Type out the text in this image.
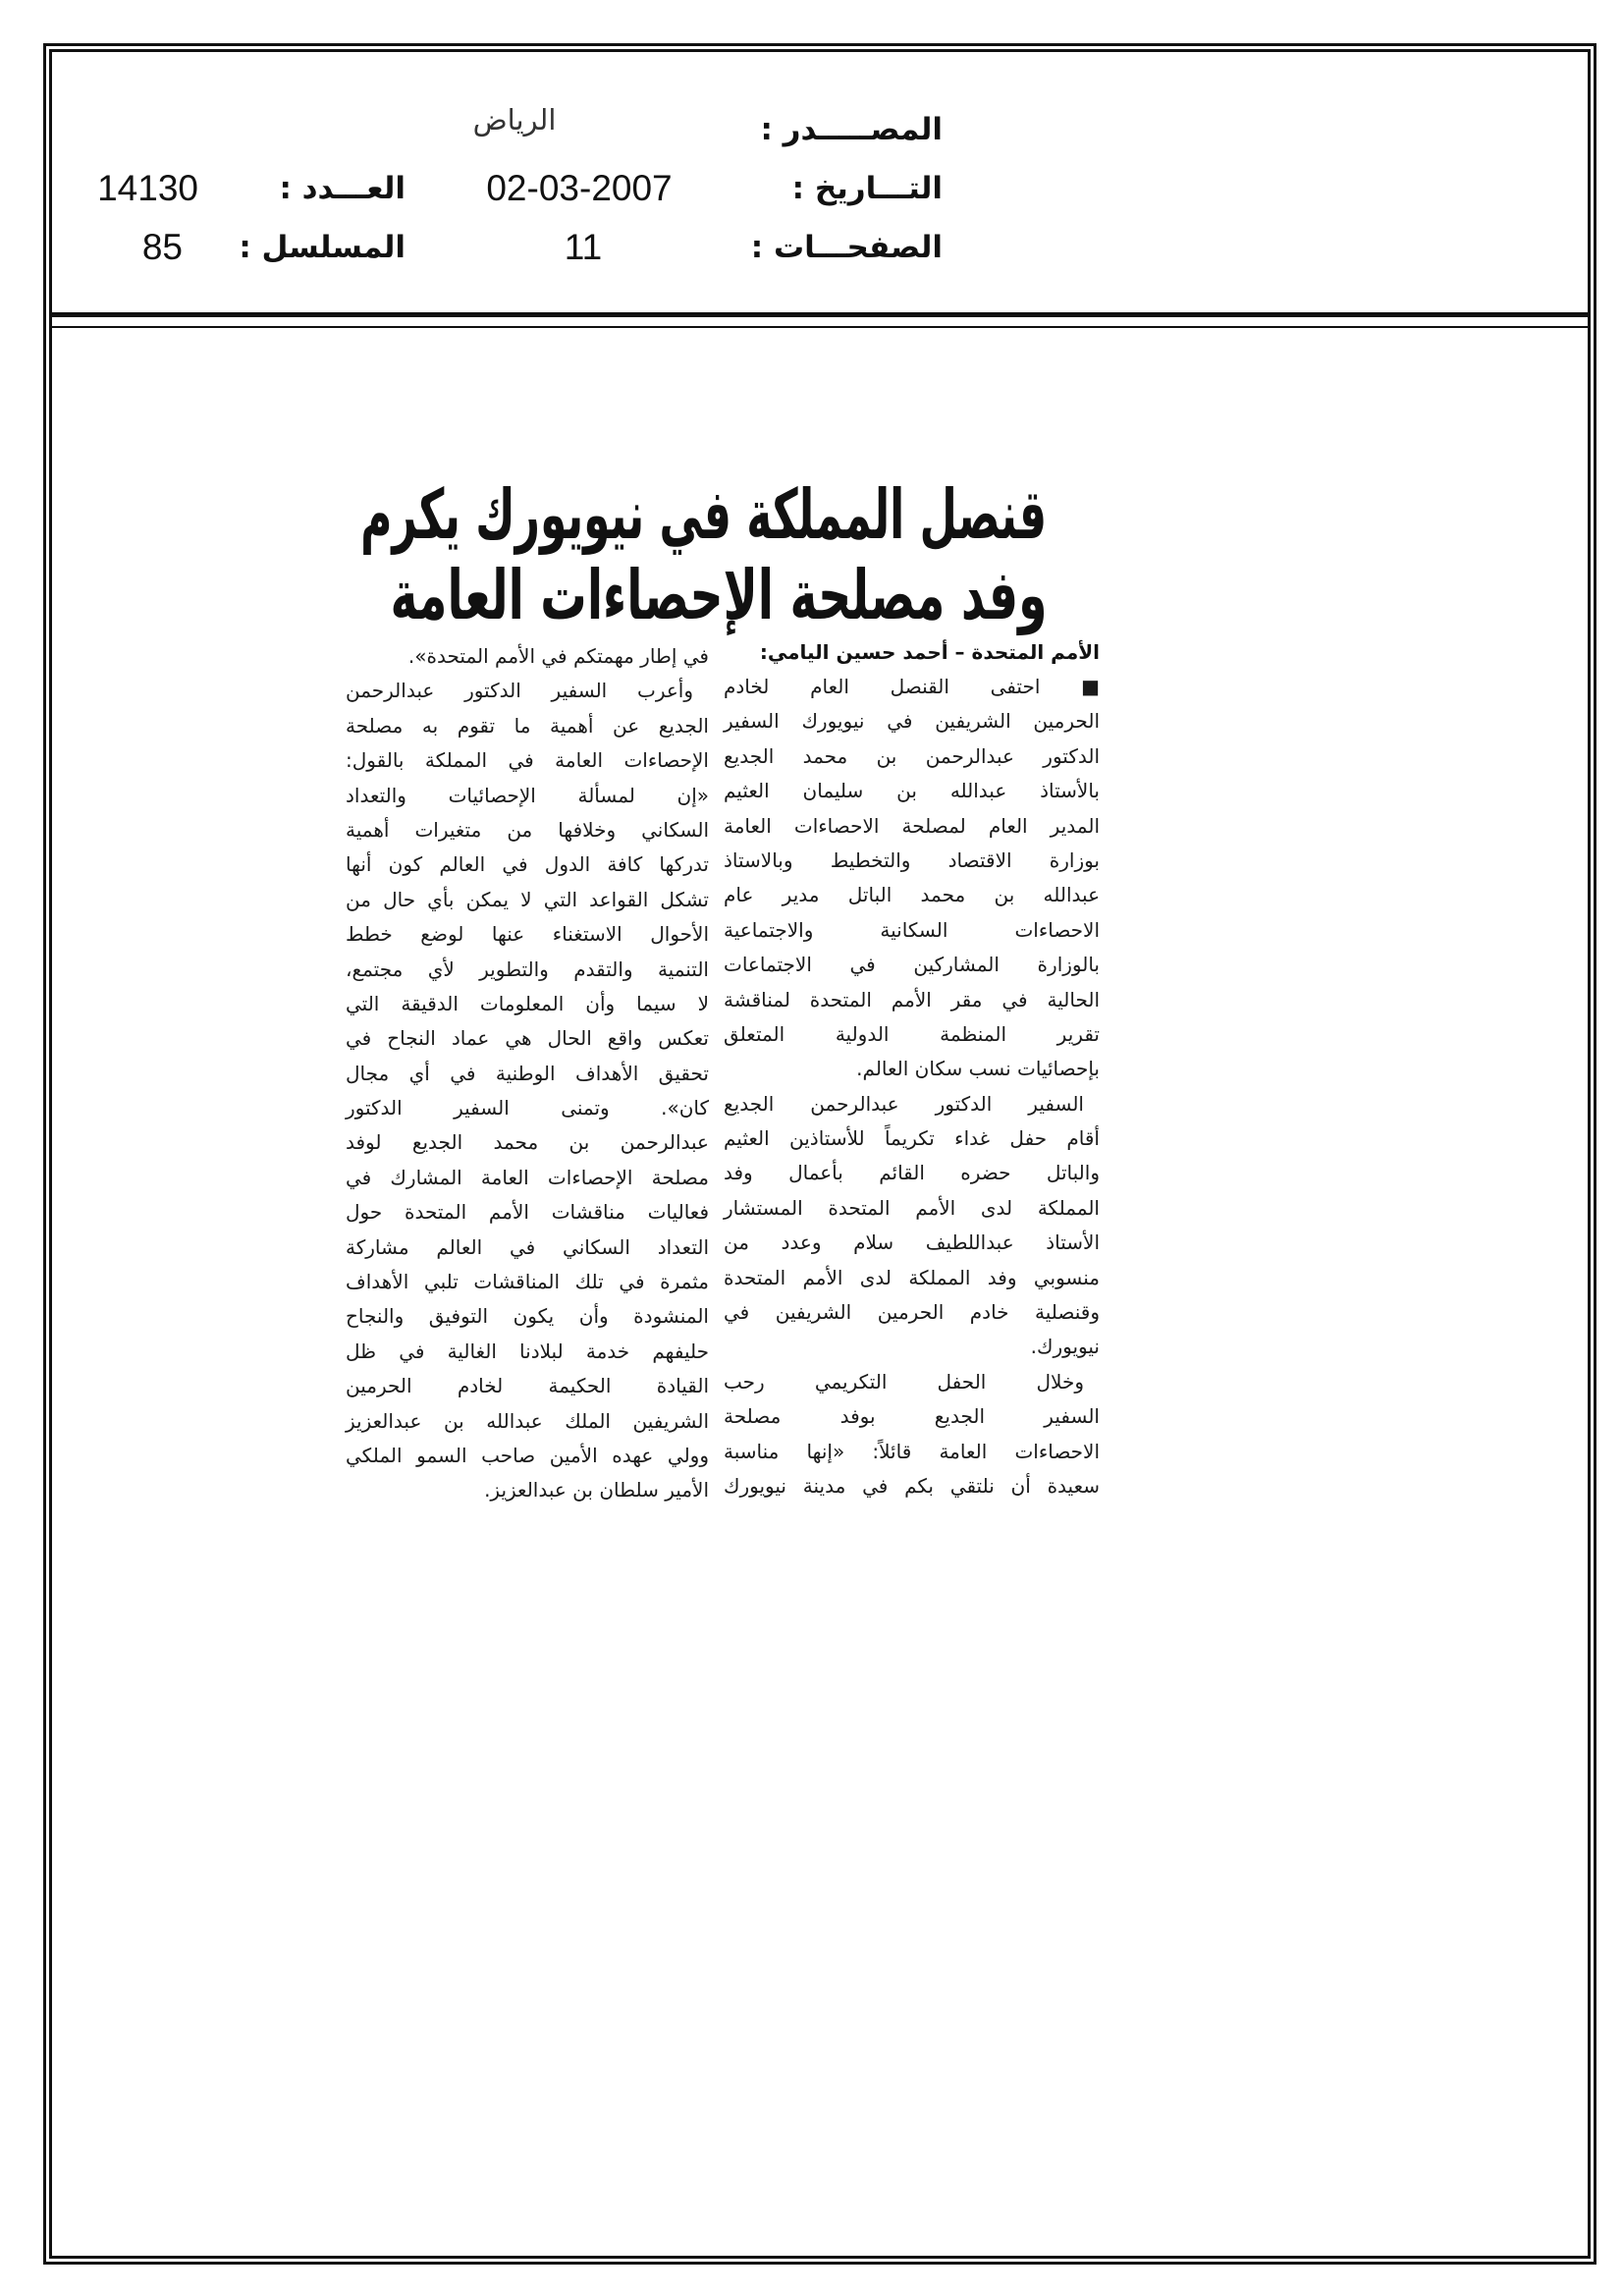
المصـــــدر :
الرياض
التـــاريخ :
02-03-2007
الصفحـــات :
11
العـــدد :
14130
المسلسل :
85
قنصل المملكة في نيويورك يكرم
وفد مصلحة الإحصاءات العامة
الأمم المتحدة – أحمد حسين اليامي:
■ احتفى القنصل العام لخادم
الحرمين الشريفين في نيويورك السفير
الدكتور عبدالرحمن بن محمد الجديع
بالأستاذ عبدالله بن سليمان العثيم
المدير العام لمصلحة الاحصاءات العامة
بوزارة الاقتصاد والتخطيط وبالاستاذ
عبدالله بن محمد الباتل مدير عام
الاحصاءات السكانية والاجتماعية
بالوزارة المشاركين في الاجتماعات
الحالية في مقر الأمم المتحدة لمناقشة
تقرير المنظمة الدولية المتعلق
بإحصائيات نسب سكان العالم.
السفير الدكتور عبدالرحمن الجديع
أقام حفل غداء تكريماً للأستاذين العثيم
والباتل حضره القائم بأعمال وفد
المملكة لدى الأمم المتحدة المستشار
الأستاذ عبداللطيف سلام وعدد من
منسوبي وفد المملكة لدى الأمم المتحدة
وقنصلية خادم الحرمين الشريفين في
نيويورك.
وخلال الحفل التكريمي رحب
السفير الجديع بوفد مصلحة
الاحصاءات العامة قائلاً: «إنها مناسبة
سعيدة أن نلتقي بكم في مدينة نيويورك
في إطار مهمتكم في الأمم المتحدة».
وأعرب السفير الدكتور عبدالرحمن
الجديع عن أهمية ما تقوم به مصلحة
الإحصاءات العامة في المملكة بالقول:
«إن لمسألة الإحصائيات والتعداد
السكاني وخلافها من متغيرات أهمية
تدركها كافة الدول في العالم كون أنها
تشكل القواعد التي لا يمكن بأي حال من
الأحوال الاستغناء عنها لوضع خطط
التنمية والتقدم والتطوير لأي مجتمع،
لا سيما وأن المعلومات الدقيقة التي
تعكس واقع الحال هي عماد النجاح في
تحقيق الأهداف الوطنية في أي مجال
كان». وتمنى السفير الدكتور
عبدالرحمن بن محمد الجديع لوفد
مصلحة الإحصاءات العامة المشارك في
فعاليات مناقشات الأمم المتحدة حول
التعداد السكاني في العالم مشاركة
مثمرة في تلك المناقشات تلبي الأهداف
المنشودة وأن يكون التوفيق والنجاح
حليفهم خدمة لبلادنا الغالية في ظل
القيادة الحكيمة لخادم الحرمين
الشريفين الملك عبدالله بن عبدالعزيز
وولي عهده الأمين صاحب السمو الملكي
الأمير سلطان بن عبدالعزيز.
